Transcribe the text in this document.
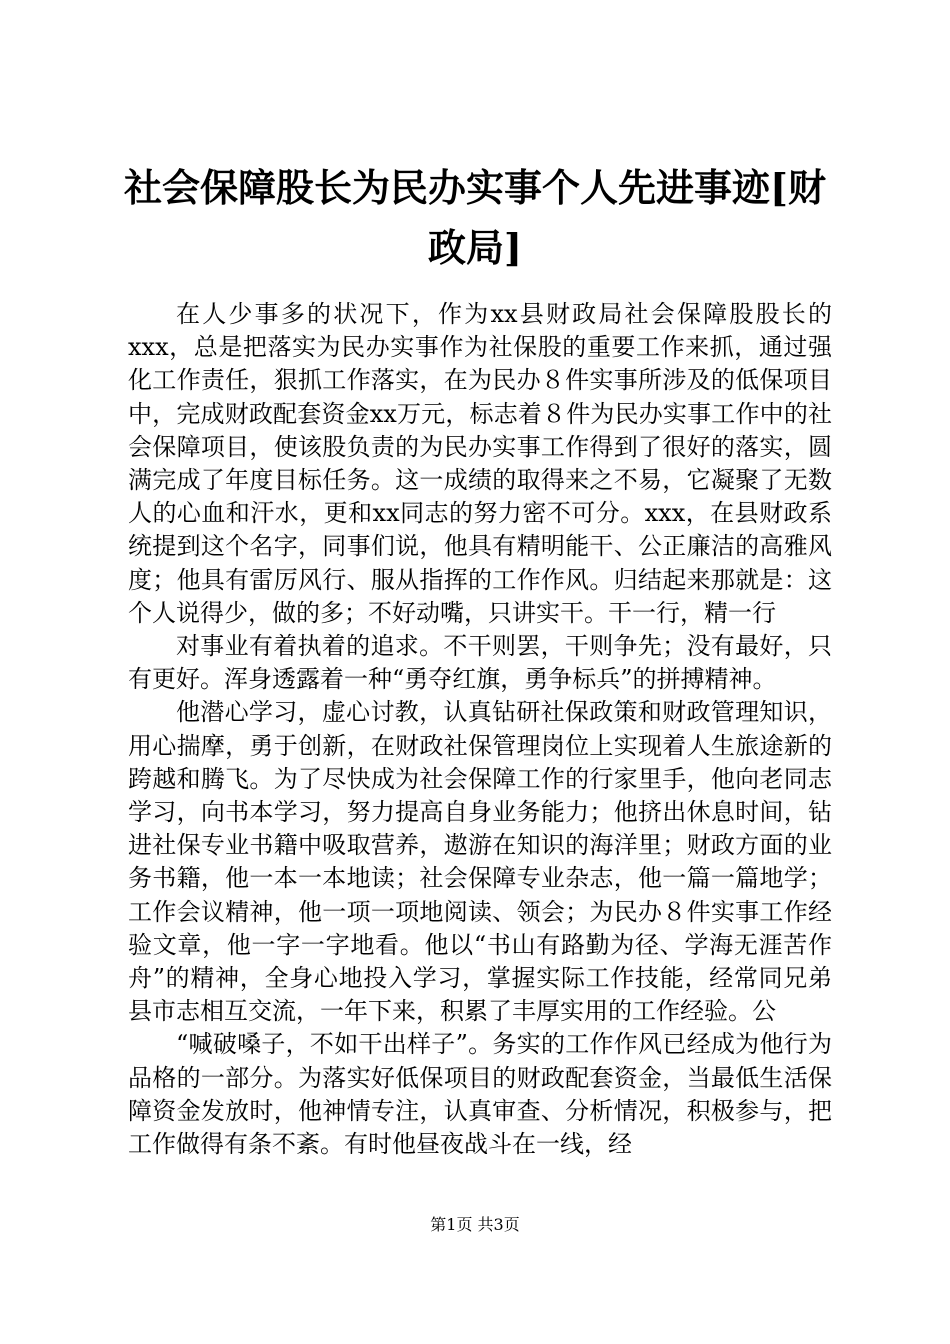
社会保障股长为民办实事个人先进事迹[财政局]

在人少事多的状况下，作为xx县财政局社会保障股股长的xxx，总是把落实为民办实事作为社保股的重要工作来抓，通过强化工作责任，狠抓工作落实，在为民办８件实事所涉及的低保项目中，完成财政配套资金xx万元，标志着８件为民办实事工作中的社会保障项目，使该股负责的为民办实事工作得到了很好的落实，圆满完成了年度目标任务。这一成绩的取得来之不易，它凝聚了无数人的心血和汗水，更和xx同志的努力密不可分。xxx，在县财政系统提到这个名字，同事们说，他具有精明能干、公正廉洁的高雅风度；他具有雷厉风行、服从指挥的工作作风。归结起来那就是：这个人说得少，做的多；不好动嘴，只讲实干。干一行，精一行

对事业有着执着的追求。不干则罢，干则争先；没有最好，只有更好。浑身透露着一种“勇夺红旗，勇争标兵”的拼搏精神。

他潜心学习，虚心讨教，认真钻研社保政策和财政管理知识，用心揣摩，勇于创新，在财政社保管理岗位上实现着人生旅途新的跨越和腾飞。为了尽快成为社会保障工作的行家里手，他向老同志学习，向书本学习，努力提高自身业务能力；他挤出休息时间，钻进社保专业书籍中吸取营养，遨游在知识的海洋里；财政方面的业务书籍，他一本一本地读；社会保障专业杂志，他一篇一篇地学；工作会议精神，他一项一项地阅读、领会；为民办８件实事工作经验文章，他一字一字地看。他以“书山有路勤为径、学海无涯苦作舟”的精神，全身心地投入学习，掌握实际工作技能，经常同兄弟县市志相互交流，一年下来，积累了丰厚实用的工作经验。公

“喊破嗓子，不如干出样子”。务实的工作作风已经成为他行为品格的一部分。为落实好低保项目的财政配套资金，当最低生活保障资金发放时，他神情专注，认真审查、分析情况，积极参与，把工作做得有条不紊。有时他昼夜战斗在一线，经

第1页 共3页
